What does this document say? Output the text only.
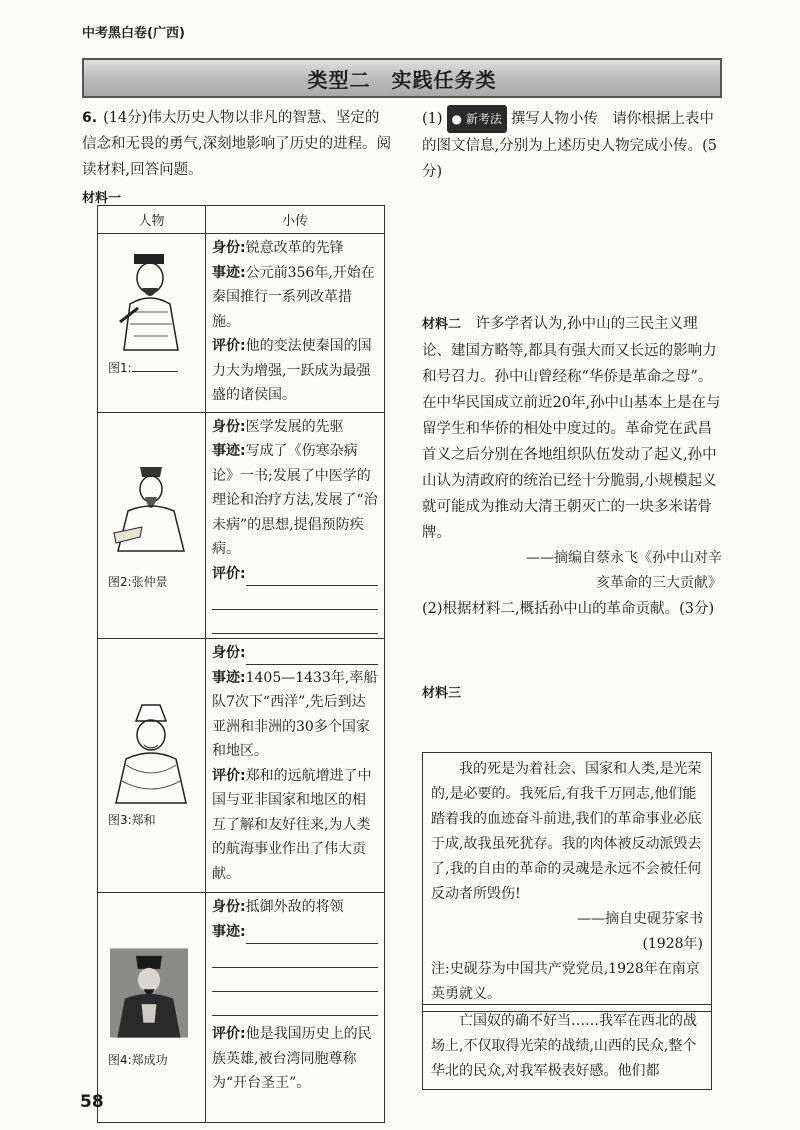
中考黑白卷(广西)
类型二　实践任务类

6. (14分)伟大历史人物以非凡的智慧、坚定的信念和无畏的勇气,深刻地影响了历史的进程。阅读材料,回答问题。

材料一

人物	小传

图1:	身份:锐意改革的先锋
事迹:公元前356年,开始在秦国推行一系列改革措施。
评价:他的变法使秦国的国力大为增强,一跃成为最强盛的诸侯国。

图2:张仲景	身份:医学发展的先驱
事迹:写成了《伤寒杂病论》一书;发展了中医学的理论和治疗方法,发展了“治未病”的思想,提倡预防疾病。
评价:

图3:郑和	身份:
事迹:1405—1433年,率船队7次下“西洋”,先后到达亚洲和非洲的30多个国家和地区。
评价:郑和的远航增进了中国与亚非国家和地区的相互了解和友好往来,为人类的航海事业作出了伟大贡献。

图4:郑成功	身份:抵御外敌的将领
事迹:
评价:他是我国历史上的民族英雄,被台湾同胞尊称为“开台圣王”。

(1) ● 新考法 撰写人物小传　请你根据上表中的图文信息,分别为上述历史人物完成小传。(5分)

材料二　 许多学者认为,孙中山的三民主义理论、建国方略等,都具有强大而又长远的影响力和号召力。孙中山曾经称“华侨是革命之母”。在中华民国成立前近20年,孙中山基本上是在与留学生和华侨的相处中度过的。革命党在武昌首义之后分别在各地组织队伍发动了起义,孙中山认为清政府的统治已经十分脆弱,小规模起义就可能成为推动大清王朝灭亡的一块多米诺骨牌。

——摘编自蔡永飞《孙中山对辛

亥革命的三大贡献》

(2)根据材料二,概括孙中山的革命贡献。(3分)

材料三

我的死是为着社会、国家和人类,是光荣的,是必要的。我死后,有我千万同志,他们能踏着我的血迹奋斗前进,我们的革命事业必底于成,故我虽死犹存。我的肉体被反动派毁去了,我的自由的革命的灵魂是永远不会被任何反动者所毁伤!

——摘自史砚芬家书

(1928年)

注:史砚芬为中国共产党党员,1928年在南京英勇就义。

亡国奴的确不好当……我军在西北的战场上,不仅取得光荣的战绩,山西的民众,整个华北的民众,对我军极表好感。他们都

58
